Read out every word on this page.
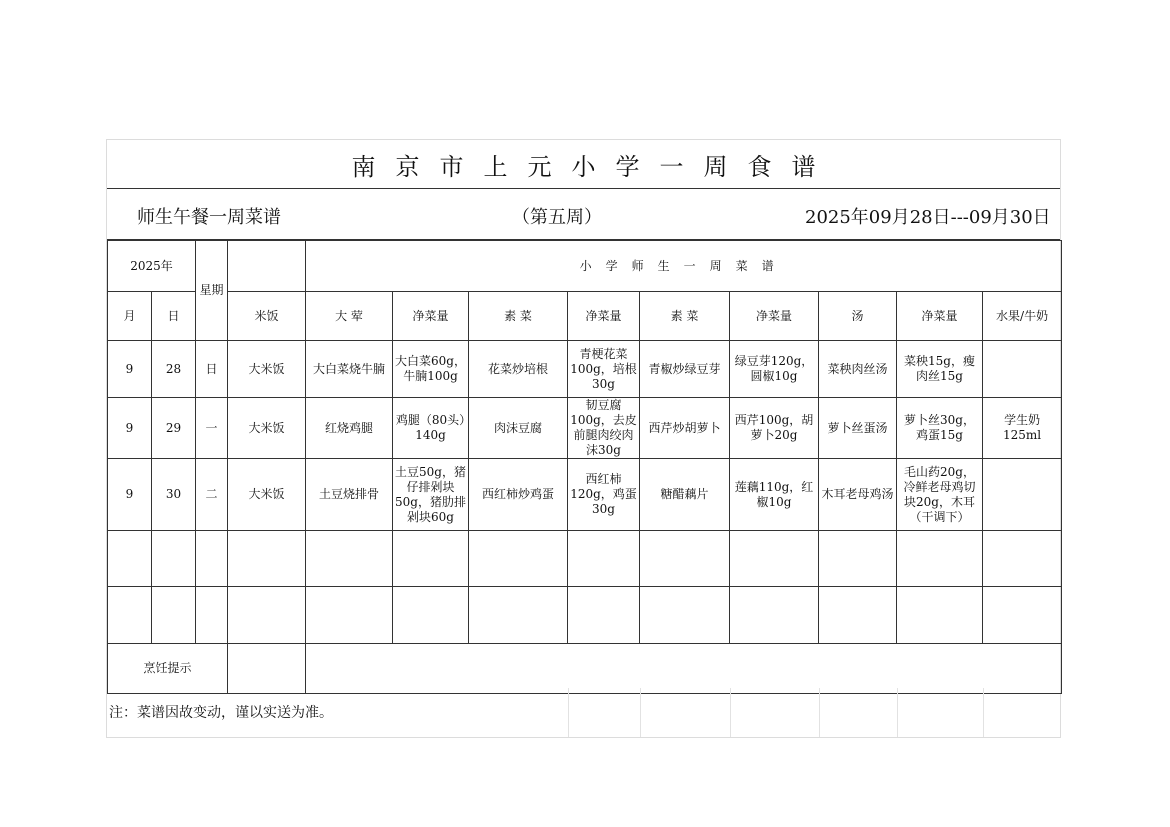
南京市上元小学一周食谱
师生午餐一周菜谱	（第五周）	2025年09月28日---09月30日
2025年		星期		小学师生一周菜谱								
月	日		米饭	大 荤	净菜量	素 菜	净菜量	素 菜	净菜量	汤	净菜量	水果/牛奶
9	28	日	大米饭	大白菜烧牛腩	大白菜60g，牛腩100g	花菜炒培根	青梗花菜100g，培根30g	青椒炒绿豆芽	绿豆芽120g，圆椒10g	菜秧肉丝汤	菜秧15g，瘦肉丝15g	
9	29	一	大米饭	红烧鸡腿	鸡腿（80头）140g	肉沫豆腐	韧豆腐100g，去皮前腿肉绞肉沫30g	西芹炒胡萝卜	西芹100g，胡萝卜20g	萝卜丝蛋汤	萝卜丝30g，鸡蛋15g	学生奶 125ml
9	30	二	大米饭	土豆烧排骨	土豆50g，猪仔排剁块50g，猪肋排剁块60g	西红柿炒鸡蛋	西红柿120g，鸡蛋30g	糖醋藕片	莲藕110g，红椒10g	木耳老母鸡汤	毛山药20g，冷鲜老母鸡切块20g，木耳（干调下）	

烹饪提示												
注：菜谱因故变动，谨以实送为准。
